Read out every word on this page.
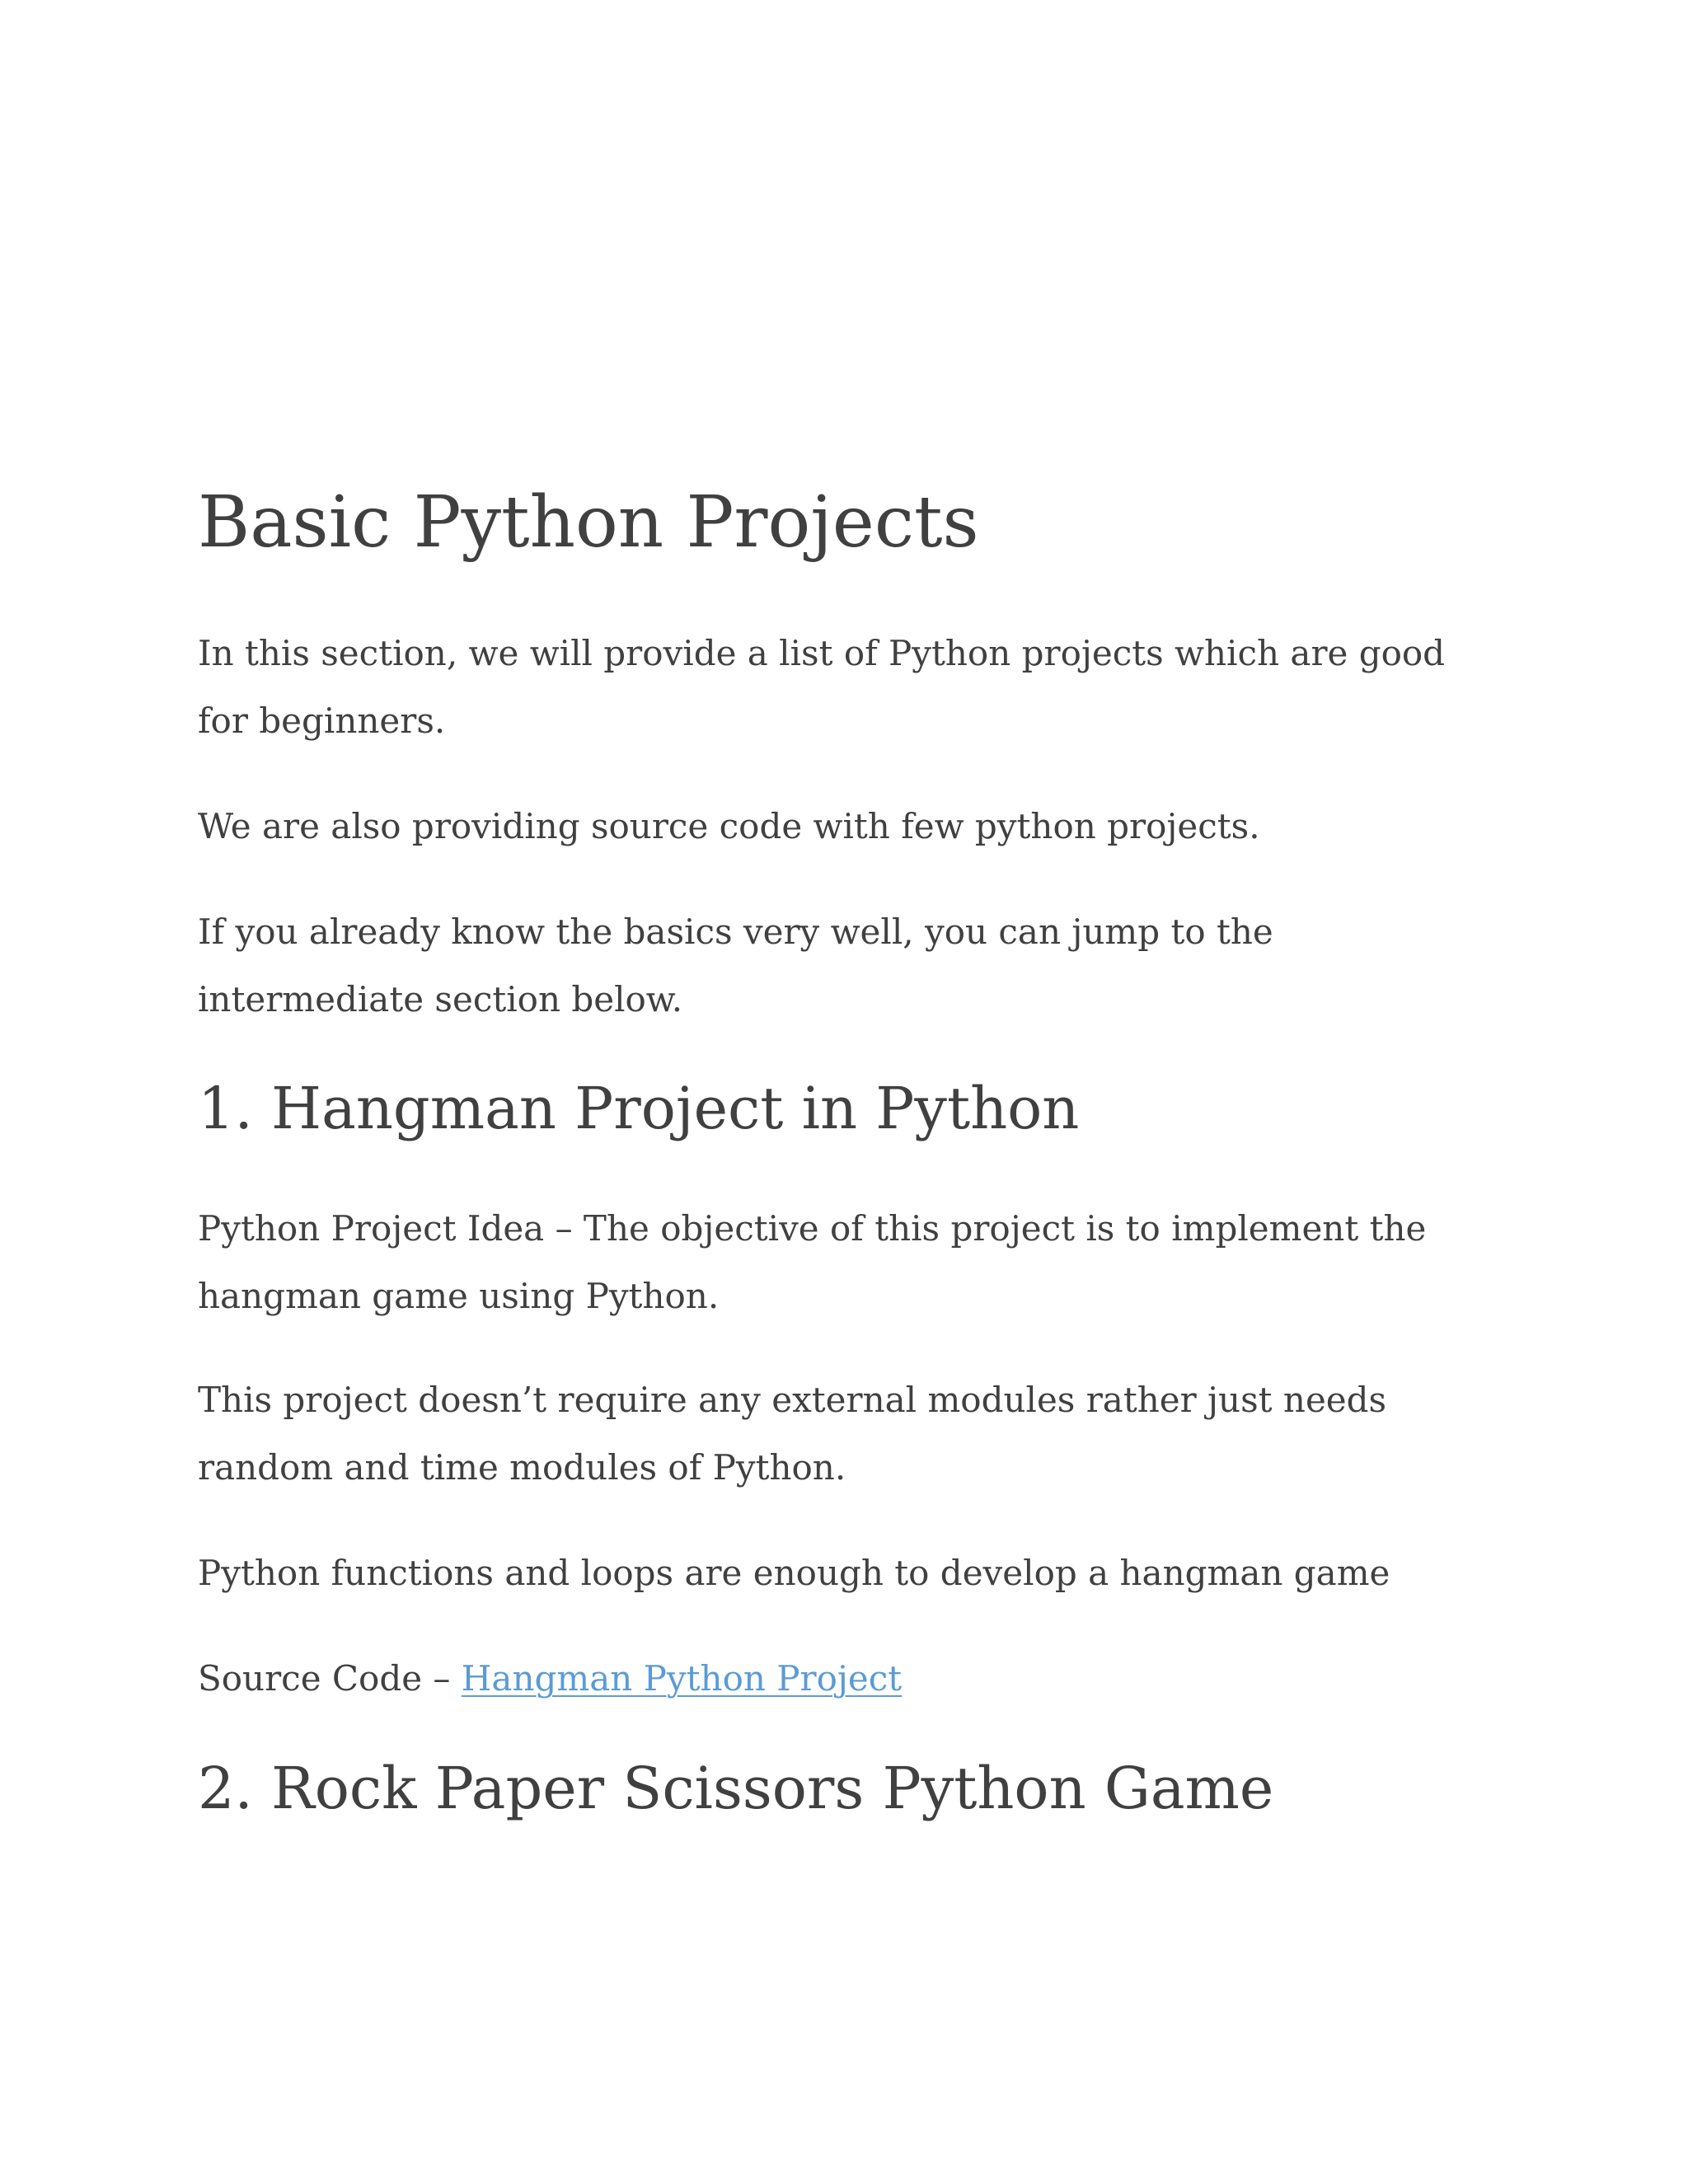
Basic Python Projects

In this section, we will provide a list of Python projects which are good for beginners.

We are also providing source code with few python projects.

If you already know the basics very well, you can jump to the intermediate section below.

1. Hangman Project in Python

Python Project Idea – The objective of this project is to implement the hangman game using Python.

This project doesn’t require any external modules rather just needs random and time modules of Python.

Python functions and loops are enough to develop a hangman game

Source Code – Hangman Python Project

2. Rock Paper Scissors Python Game
